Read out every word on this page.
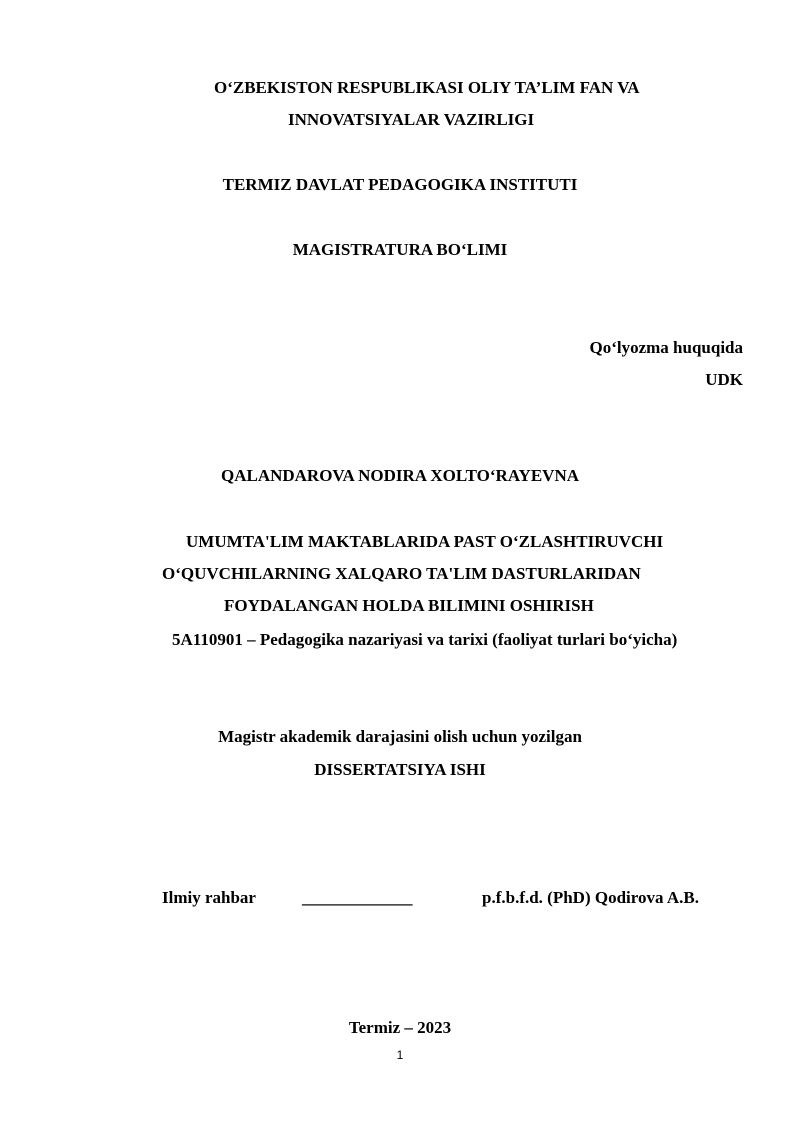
O‘ZBEKISTON RESPUBLIKASI OLIY TA’LIM FAN VA
INNOVATSIYALAR VAZIRLIGI
TERMIZ DAVLAT PEDAGOGIKA INSTITUTI
MAGISTRATURA BO‘LIMI
Qo‘lyozma huquqida
UDK
QALANDAROVA NODIRA XOLTO‘RAYEVNA
UMUMTA'LIM MAKTABLARIDA PAST O‘ZLASHTIRUVCHI
O‘QUVCHILARNING XALQARO TA'LIM DASTURLARIDAN
FOYDALANGAN HOLDA BILIMINI OSHIRISH
5A110901 – Pedagogika nazariyasi va tarixi (faoliyat turlari bo‘yicha)
Magistr akademik darajasini olish uchun yozilgan
DISSERTATSIYA ISHI
Ilmiy rahbar	_____________	p.f.b.f.d. (PhD) Qodirova A.B.
Termiz – 2023
1
